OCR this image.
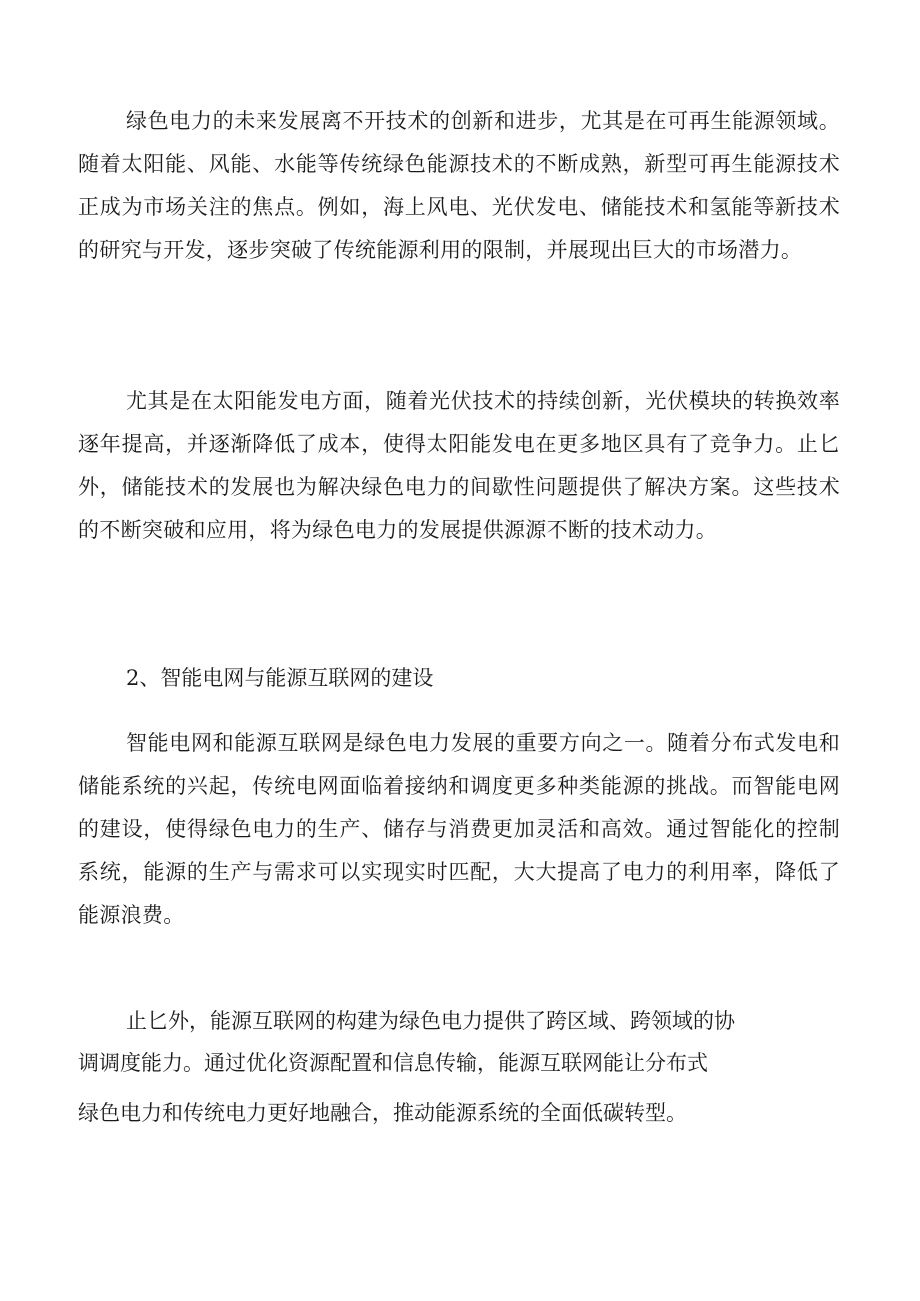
绿色电力的未来发展离不开技术的创新和进步，尤其是在可再生能源领域。随着太阳能、风能、水能等传统绿色能源技术的不断成熟，新型可再生能源技术正成为市场关注的焦点。例如，海上风电、光伏发电、储能技术和氢能等新技术的研究与开发，逐步突破了传统能源利用的限制，并展现出巨大的市场潜力。

尤其是在太阳能发电方面，随着光伏技术的持续创新，光伏模块的转换效率逐年提高，并逐渐降低了成本，使得太阳能发电在更多地区具有了竞争力。止匕外，储能技术的发展也为解决绿色电力的间歇性问题提供了解决方案。这些技术的不断突破和应用，将为绿色电力的发展提供源源不断的技术动力。

2、智能电网与能源互联网的建设

智能电网和能源互联网是绿色电力发展的重要方向之一。随着分布式发电和储能系统的兴起，传统电网面临着接纳和调度更多种类能源的挑战。而智能电网的建设，使得绿色电力的生产、储存与消费更加灵活和高效。通过智能化的控制系统，能源的生产与需求可以实现实时匹配，大大提高了电力的利用率，降低了能源浪费。

止匕外，能源互联网的构建为绿色电力提供了跨区域、跨领域的协

调调度能力。通过优化资源配置和信息传输，能源互联网能让分布式

绿色电力和传统电力更好地融合，推动能源系统的全面低碳转型。
